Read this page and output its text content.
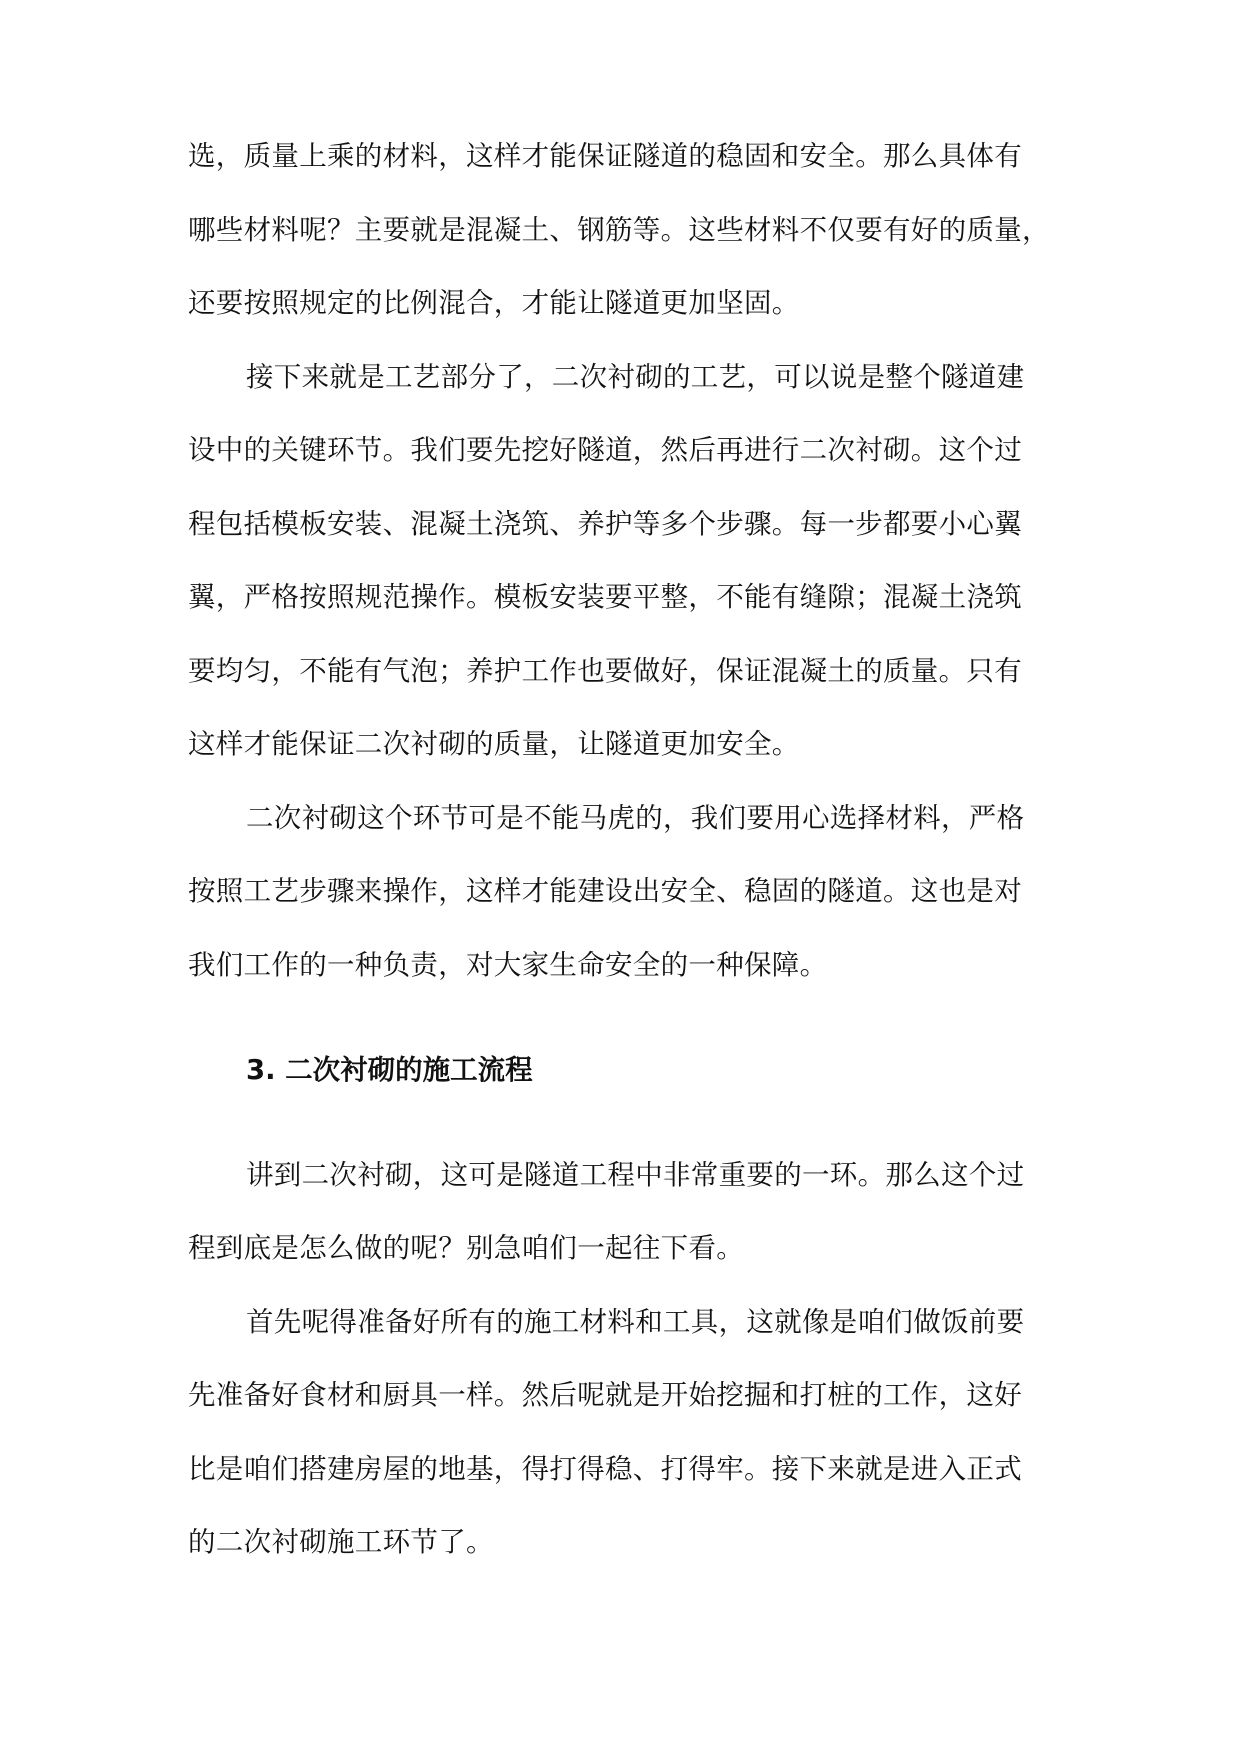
选，质量上乘的材料，这样才能保证隧道的稳固和安全。那么具体有
哪些材料呢？主要就是混凝土、钢筋等。这些材料不仅要有好的质量，
还要按照规定的比例混合，才能让隧道更加坚固。
接下来就是工艺部分了，二次衬砌的工艺，可以说是整个隧道建
设中的关键环节。我们要先挖好隧道，然后再进行二次衬砌。这个过
程包括模板安装、混凝土浇筑、养护等多个步骤。每一步都要小心翼
翼，严格按照规范操作。模板安装要平整，不能有缝隙；混凝土浇筑
要均匀，不能有气泡；养护工作也要做好，保证混凝土的质量。只有
这样才能保证二次衬砌的质量，让隧道更加安全。
二次衬砌这个环节可是不能马虎的，我们要用心选择材料，严格
按照工艺步骤来操作，这样才能建设出安全、稳固的隧道。这也是对
我们工作的一种负责，对大家生命安全的一种保障。
3. 二次衬砌的施工流程
讲到二次衬砌，这可是隧道工程中非常重要的一环。那么这个过
程到底是怎么做的呢？别急咱们一起往下看。
首先呢得准备好所有的施工材料和工具，这就像是咱们做饭前要
先准备好食材和厨具一样。然后呢就是开始挖掘和打桩的工作，这好
比是咱们搭建房屋的地基，得打得稳、打得牢。接下来就是进入正式
的二次衬砌施工环节了。
